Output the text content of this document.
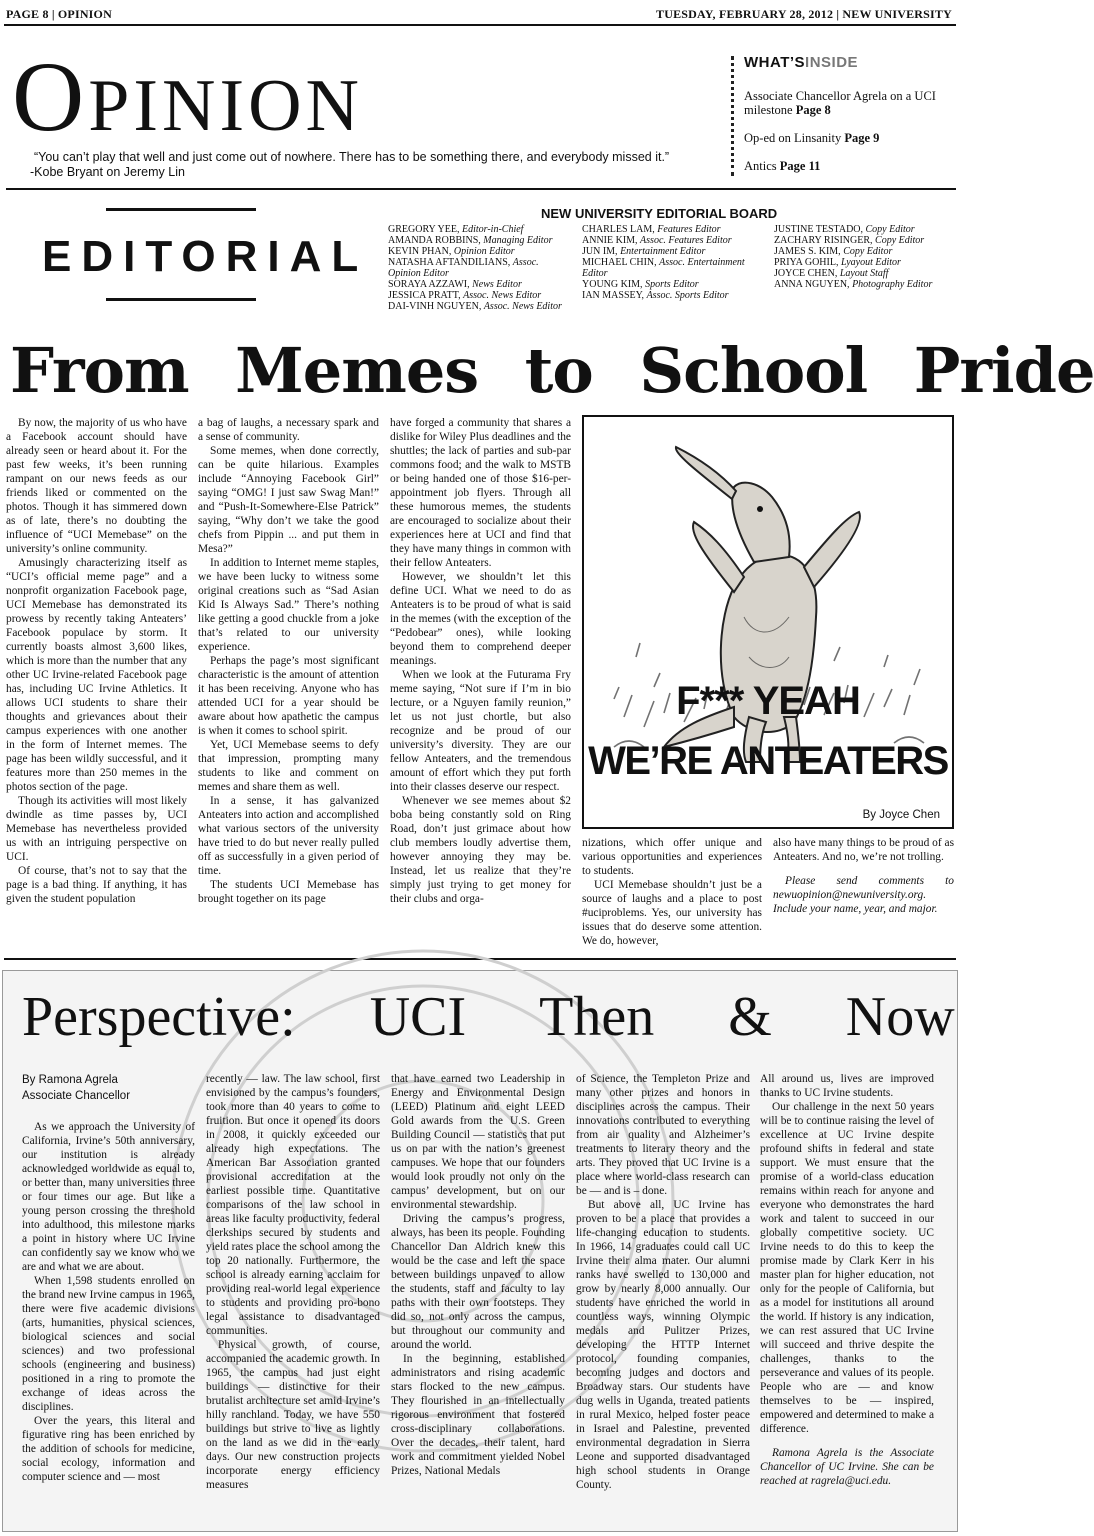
PAGE 8 | OPINION	TUESDAY, FEBRUARY 28, 2012 | NEW UNIVERSITY
OPINION
“You can’t play that well and just come out of nowhere. There has to be something there, and everybody missed it.”
-Kobe Bryant on Jeremy Lin
WHAT’SINSIDE
Associate Chancellor Agrela on a UCI milestone Page 8
Op-ed on Linsanity Page 9
Antics Page 11
EDITORIAL
NEW UNIVERSITY EDITORIAL BOARD
GREGORY YEE, Editor-in-Chief
AMANDA ROBBINS, Managing Editor
KEVIN PHAN, Opinion Editor
NATASHA AFTANDILIANS, Assoc. Opinion Editor
SORAYA AZZAWI, News Editor
JESSICA PRATT, Assoc. News Editor
DAI-VINH NGUYEN, Assoc. News Editor
CHARLES LAM, Features Editor
ANNIE KIM, Assoc. Features Editor
JUN IM, Entertainment Editor
MICHAEL CHIN, Assoc. Entertainment Editor
YOUNG KIM, Sports Editor
IAN MASSEY, Assoc. Sports Editor
JUSTINE TESTADO, Copy Editor
ZACHARY RISINGER, Copy Editor
JAMES S. KIM, Copy Editor
PRIYA GOHIL, Lyayout Editor
JOYCE CHEN, Layout Staff
ANNA NGUYEN, Photography Editor
From Memes to School Pride

By now, the majority of us who have a Facebook account should have already seen or heard about it. For the past few weeks, it’s been running rampant on our news feeds as our friends liked or commented on the photos. Though it has simmered down as of late, there’s no doubting the influence of “UCI Memebase” on the university’s online community.

Amusingly characterizing itself as “UCI’s official meme page” and a nonprofit organization Facebook page, UCI Memebase has demonstrated its prowess by recently taking Anteaters’ Facebook populace by storm. It currently boasts almost 3,600 likes, which is more than the number that any other UC Irvine-related Facebook page has, including UC Irvine Athletics. It allows UCI students to share their thoughts and grievances about their campus experiences with one another in the form of Internet memes. The page has been wildly successful, and it features more than 250 memes in the photos section of the page.

Though its activities will most likely dwindle as time passes by, UCI Memebase has nevertheless provided us with an intriguing perspective on UCI.

Of course, that’s not to say that the page is a bad thing. If anything, it has given the student population

a bag of laughs, a necessary spark and a sense of community.

Some memes, when done correctly, can be quite hilarious. Examples include “Annoying Facebook Girl” saying “OMG! I just saw Swag Man!” and “Push-It-Somewhere-Else Patrick” saying, “Why don’t we take the good chefs from Pippin ... and put them in Mesa?”

In addition to Internet meme staples, we have been lucky to witness some original creations such as “Sad Asian Kid Is Always Sad.” There’s nothing like getting a good chuckle from a joke that’s related to our university experience.

Perhaps the page’s most significant characteristic is the amount of attention it has been receiving. Anyone who has attended UCI for a year should be aware about how apathetic the campus is when it comes to school spirit.

Yet, UCI Memebase seems to defy that impression, prompting many students to like and comment on memes and share them as well.

In a sense, it has galvanized Anteaters into action and accomplished what various sectors of the university have tried to do but never really pulled off as successfully in a given period of time.

The students UCI Memebase has brought together on its page

have forged a community that shares a dislike for Wiley Plus deadlines and the shuttles; the lack of parties and sub-par commons food; and the walk to MSTB or being handed one of those $16-per-appointment job flyers. Through all these humorous memes, the students are encouraged to socialize about their experiences here at UCI and find that they have many things in common with their fellow Anteaters.

However, we shouldn’t let this define UCI. What we need to do as Anteaters is to be proud of what is said in the memes (with the exception of the “Pedobear” ones), while looking beyond them to comprehend deeper meanings.

When we look at the Futurama Fry meme saying, “Not sure if I’m in bio lecture, or a Nguyen family reunion,” let us not just chortle, but also recognize and be proud of our university’s diversity. They are our fellow Anteaters, and the tremendous amount of effort which they put forth into their classes deserve our respect.

Whenever we see memes about $2 boba being constantly sold on Ring Road, don’t just grimace about how club members loudly advertise them, however annoying they may be. Instead, let us realize that they’re simply just trying to get money for their clubs and orga-

nizations, which offer unique and various opportunities and experiences to students.

UCI Memebase shouldn’t just be a source of laughs and a place to post #uciproblems. Yes, our university has issues that do deserve some attention. We do, however,

also have many things to be proud of as Anteaters. And no, we’re not trolling.

Please send comments to newuopinion@newuniversity.org. Include your name, year, and major.

F*** YEAH
WE’RE ANTEATERS
By Joyce Chen
Perspective: UCI Then & Now
By Ramona Agrela
Associate Chancellor

As we approach the University of California, Irvine’s 50th anniversary, our institution is already acknowledged worldwide as equal to, or better than, many universities three or four times our age. But like a young person crossing the threshold into adulthood, this milestone marks a point in history where UC Irvine can confidently say we know who we are and what we are about.

When 1,598 students enrolled on the brand new Irvine campus in 1965, there were five academic divisions (arts, humanities, physical sciences, biological sciences and social sciences) and two professional schools (engineering and business) positioned in a ring to promote the exchange of ideas across the disciplines.

Over the years, this literal and figurative ring has been enriched by the addition of schools for medicine, social ecology, information and computer science and — most

recently — law. The law school, first envisioned by the campus’s founders, took more than 40 years to come to fruition. But once it opened its doors in 2008, it quickly exceeded our already high expectations. The American Bar Association granted provisional accreditation at the earliest possible time. Quantitative comparisons of the law school in areas like faculty productivity, federal clerkships secured by students and yield rates place the school among the top 20 nationally. Furthermore, the school is already earning acclaim for providing real-world legal experience to students and providing pro-bono legal assistance to disadvantaged communities.

Physical growth, of course, accompanied the academic growth. In 1965, the campus had just eight buildings — distinctive for their brutalist architecture set amid Irvine’s hilly ranchland. Today, we have 550 buildings but strive to live as lightly on the land as we did in the early days. Our new construction projects incorporate energy efficiency measures

that have earned two Leadership in Energy and Environmental Design (LEED) Platinum and eight LEED Gold awards from the U.S. Green Building Council — statistics that put us on par with the nation’s greenest campuses. We hope that our founders would look proudly not only on the campus’ development, but on our environmental stewardship.

Driving the campus’s progress, always, has been its people. Founding Chancellor Dan Aldrich knew this would be the case and left the space between buildings unpaved to allow the students, staff and faculty to lay paths with their own footsteps. They did so, not only across the campus, but throughout our community and around the world.

In the beginning, established administrators and rising academic stars flocked to the new campus. They flourished in an intellectually rigorous environment that fostered cross-disciplinary collaborations. Over the decades, their talent, hard work and commitment yielded Nobel Prizes, National Medals

of Science, the Templeton Prize and many other prizes and honors in disciplines across the campus. Their innovations contributed to everything from air quality and Alzheimer’s treatments to literary theory and the arts. They proved that UC Irvine is a place where world-class research can be — and is – done.

But above all, UC Irvine has proven to be a place that provides a life-changing education to students. In 1966, 14 graduates could call UC Irvine their alma mater. Our alumni ranks have swelled to 130,000 and grow by nearly 8,000 annually. Our students have enriched the world in countless ways, winning Olympic medals and Pulitzer Prizes, developing the HTTP Internet protocol, founding companies, becoming judges and doctors and Broadway stars. Our students have dug wells in Uganda, treated patients in rural Mexico, helped foster peace in Israel and Palestine, prevented environmental degradation in Sierra Leone and supported disadvantaged high school students in Orange County.

All around us, lives are improved thanks to UC Irvine students.

Our challenge in the next 50 years will be to continue raising the level of excellence at UC Irvine despite profound shifts in federal and state support. We must ensure that the promise of a world-class education remains within reach for anyone and everyone who demonstrates the hard work and talent to succeed in our globally competitive society. UC Irvine needs to do this to keep the promise made by Clark Kerr in his master plan for higher education, not only for the people of California, but as a model for institutions all around the world. If history is any indication, we can rest assured that UC Irvine will succeed and thrive despite the challenges, thanks to the perseverance and values of its people. People who are — and know themselves to be — inspired, empowered and determined to make a difference.

Ramona Agrela is the Associate Chancellor of UC Irvine. She can be reached at ragrela@uci.edu.
